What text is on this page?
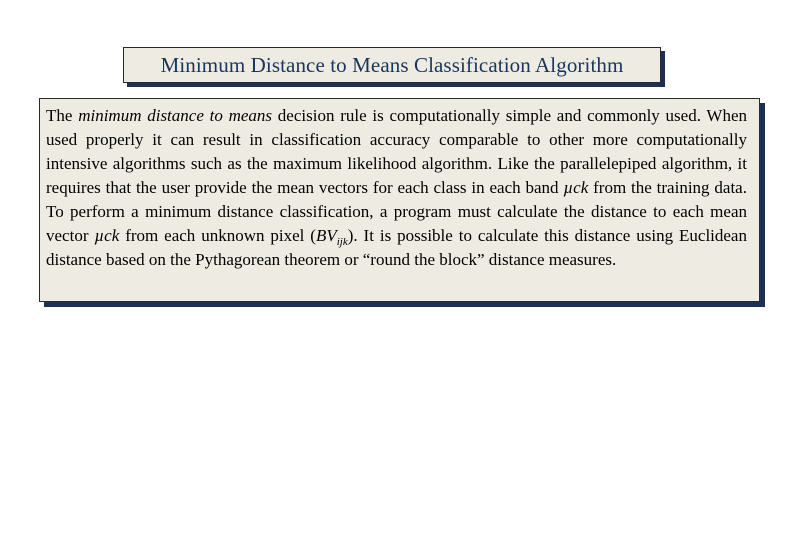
Minimum Distance to Means Classification Algorithm

The minimum distance to means decision rule is computationally simple and commonly used. When used properly it can result in classification accuracy comparable to other more computationally intensive algorithms such as the maximum likelihood algorithm. Like the parallelepiped algorithm, it requires that the user provide the mean vectors for each class in each band µck from the training data. To perform a minimum distance classification, a program must calculate the distance to each mean vector µck from each unknown pixel $(BV_{ijk})$. It is possible to calculate this distance using Euclidean distance based on the Pythagorean theorem or “round the block” distance measures.
